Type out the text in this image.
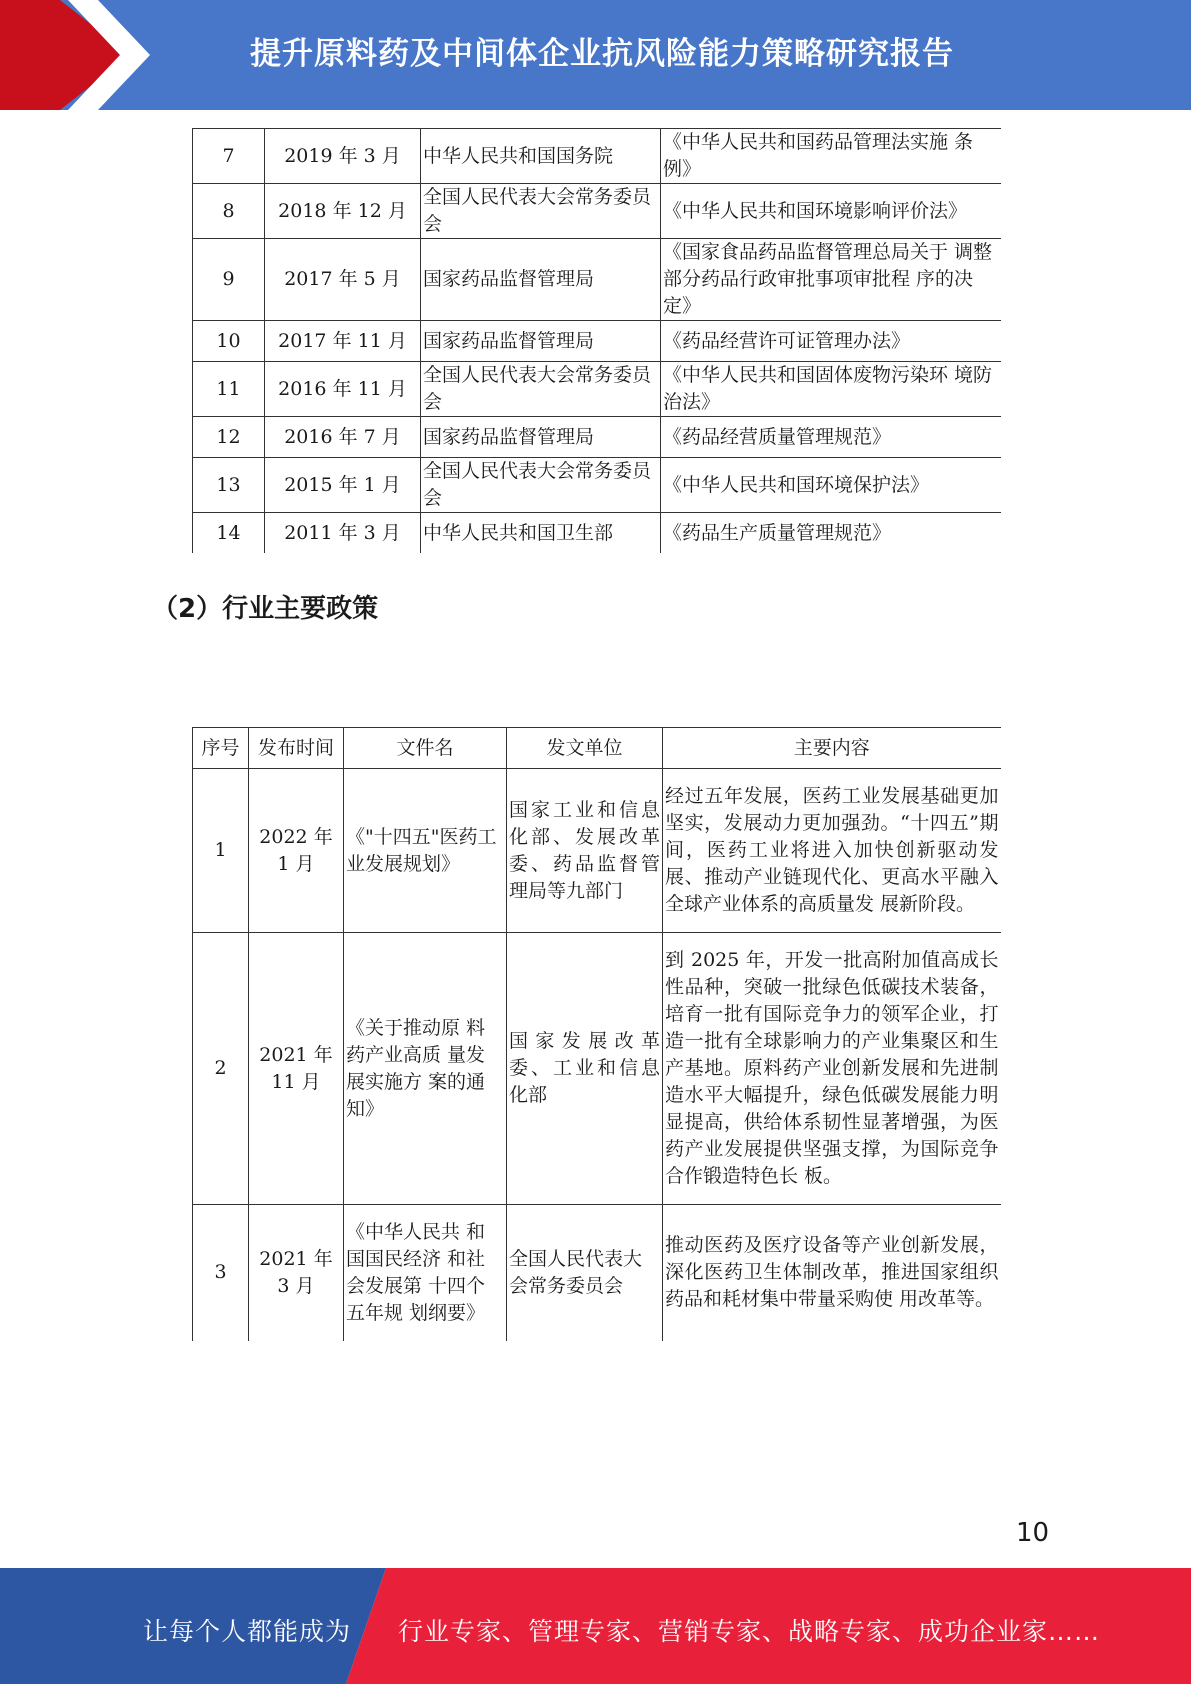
提升原料药及中间体企业抗风险能力策略研究报告
7	2019 年 3 月	中华人民共和国国务院	《中华人民共和国药品管理法实施 条例》
8	2018 年 12 月	全国人民代表大会常务委员会	《中华人民共和国环境影响评价法》
9	2017 年 5 月	国家药品监督管理局	《国家食品药品监督管理总局关于 调整部分药品行政审批事项审批程 序的决定》
10	2017 年 11 月	国家药品监督管理局	《药品经营许可证管理办法》
11	2016 年 11 月	全国人民代表大会常务委员会	《中华人民共和国固体废物污染环 境防治法》
12	2016 年 7 月	国家药品监督管理局	《药品经营质量管理规范》
13	2015 年 1 月	全国人民代表大会常务委员会	《中华人民共和国环境保护法》
14	2011 年 3 月	中华人民共和国卫生部	《药品生产质量管理规范》
（2）行业主要政策
序号	发布时间	文件名	发文单位	主要内容
1	2022 年 1 月	《"十四五"医药工业发展规划》	国家工业和信息化部、发展改革委、药品监督管理局等九部门	经过五年发展，医药工业发展基础更加坚实，发展动力更加强劲。“十四五”期间，医药工业将进入加快创新驱动发展、推动产业链现代化、更高水平融入全球产业体系的高质量发 展新阶段。
2	2021 年 11 月	《关于推动原 料药产业高质 量发展实施方 案的通知》	国家发展改革委、工业和信息化部	到 2025 年，开发一批高附加值高成长性品种，突破一批绿色低碳技术装备，培育一批有国际竞争力的领军企业，打造一批有全球影响力的产业集聚区和生产基地。原料药产业创新发展和先进制造水平大幅提升，绿色低碳发展能力明显提高，供给体系韧性显著增强，为医药产业发展提供坚强支撑，为国际竞争合作锻造特色长 板。
3	2021 年 3 月	《中华人民共 和国国民经济 和社会发展第 十四个五年规 划纲要》	全国人民代表大会常务委员会	推动医药及医疗设备等产业创新发展，深化医药卫生体制改革，推进国家组织药品和耗材集中带量采购使 用改革等。
10
让每个人都能成为 行业专家、管理专家、营销专家、战略专家、成功企业家……
